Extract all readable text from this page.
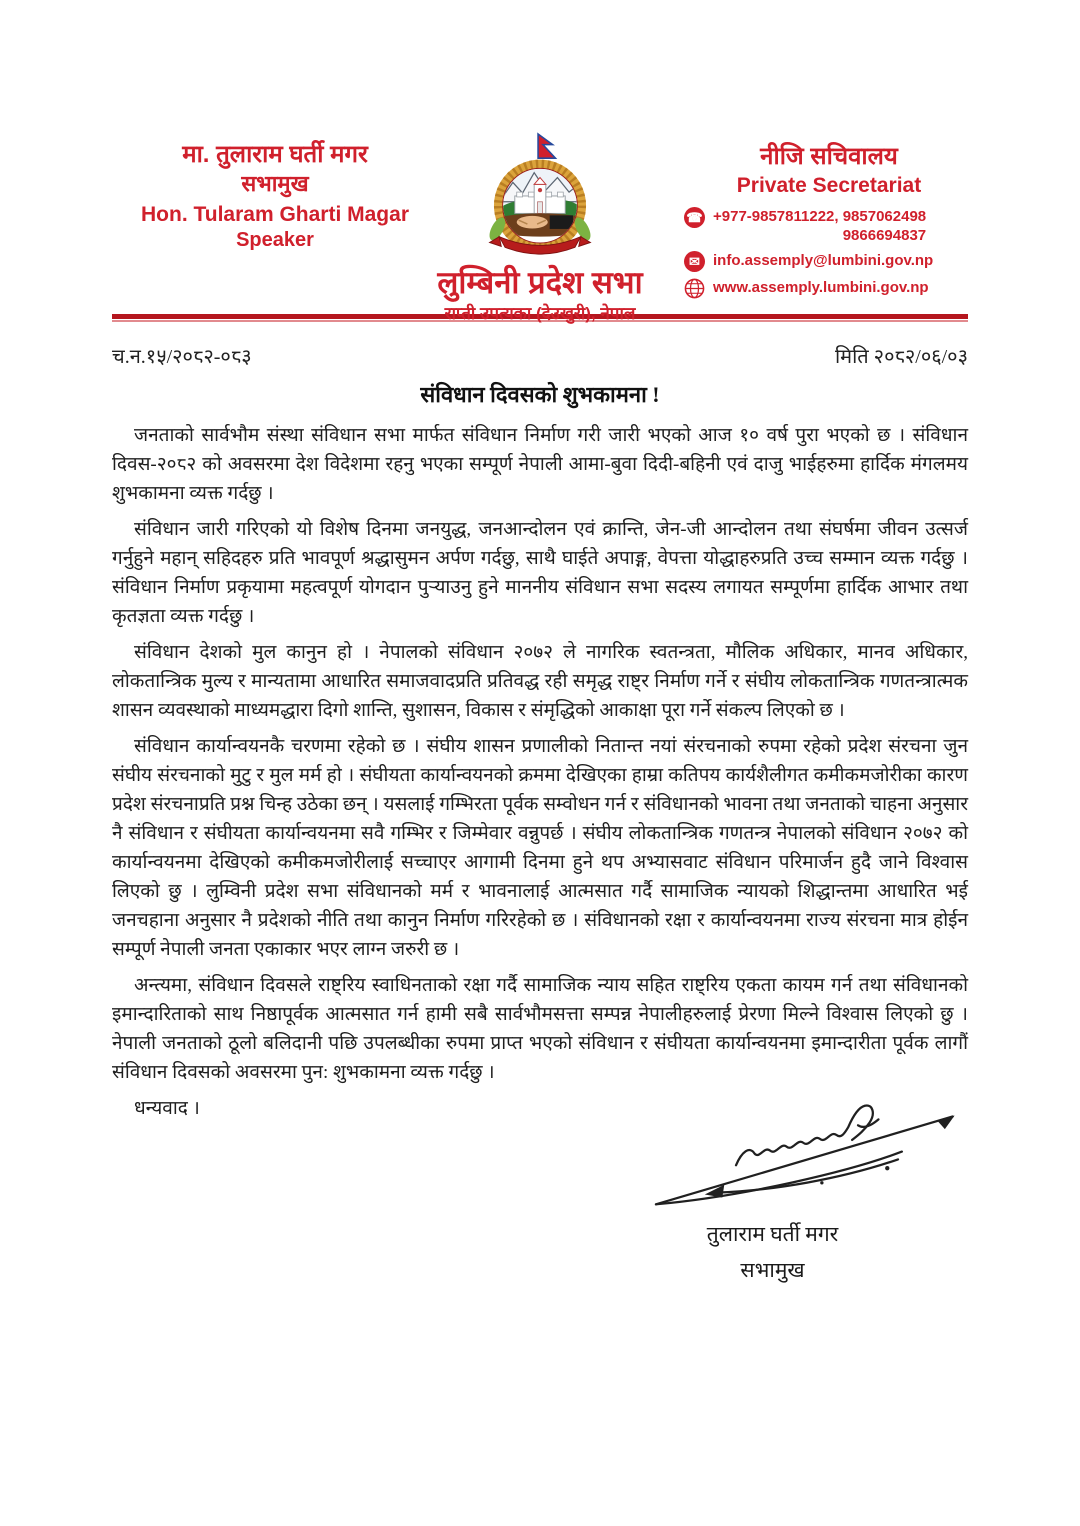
मा. तुलाराम घर्ती मगर
सभामुख
Hon. Tularam Gharti Magar
Speaker
लुम्बिनी प्रदेश सभा
राप्ती उपत्यका (देउखुरी), नेपाल
नीजि सचिवालय
Private Secretariat
☎ +977-9857811222, 9857062498
9866694837
✉ info.assemply@lumbini.gov.np
www.assemply.lumbini.gov.np
च.न.१५/२०८२-०८३	मिति २०८२/०६/०३
संविधान दिवसको शुभकामना !

जनताको सार्वभौम संस्था संविधान सभा मार्फत संविधान निर्माण गरी जारी भएको आज १० वर्ष पुरा भएको छ । संविधान दिवस-२०८२ को अवसरमा देश विदेशमा रहनु भएका सम्पूर्ण नेपाली आमा-बुवा दिदी-बहिनी एवं दाजु भाईहरुमा हार्दिक मंगलमय शुभकामना व्यक्त गर्दछु ।

संविधान जारी गरिएको यो विशेष दिनमा जनयुद्ध, जनआन्दोलन एवं क्रान्ति, जेन-जी आन्दोलन तथा संघर्षमा जीवन उत्सर्ज गर्नुहुने महान् सहिदहरु प्रति भावपूर्ण श्रद्धासुमन अर्पण गर्दछु, साथै घाईते अपाङ्ग, वेपत्ता योद्धाहरुप्रति उच्च सम्मान व्यक्त गर्दछु । संविधान निर्माण प्रकृयामा महत्वपूर्ण योगदान पुऱ्याउनु हुने माननीय संविधान सभा सदस्य लगायत सम्पूर्णमा हार्दिक आभार तथा कृतज्ञता व्यक्त गर्दछु ।

संविधान देशको मुल कानुन हो । नेपालको संविधान २०७२ ले नागरिक स्वतन्त्रता, मौलिक अधिकार, मानव अधिकार, लोकतान्त्रिक मुल्य र मान्यतामा आधारित समाजवादप्रति प्रतिवद्ध रही समृद्ध राष्ट्र निर्माण गर्ने र संघीय लोकतान्त्रिक गणतन्त्रात्मक शासन व्यवस्थाको माध्यमद्धारा दिगो शान्ति, सुशासन, विकास र संमृद्धिको आकाक्षा पूरा गर्ने संकल्प लिएको छ ।

संविधान कार्यान्वयनकै चरणमा रहेको छ । संघीय शासन प्रणालीको नितान्त नयां संरचनाको रुपमा रहेको प्रदेश संरचना जुन संघीय संरचनाको मुटु र मुल मर्म हो । संघीयता कार्यान्वयनको क्रममा देखिएका हाम्रा कतिपय कार्यशैलीगत कमीकमजोरीका कारण प्रदेश संरचनाप्रति प्रश्न चिन्ह उठेका छन् । यसलाई गम्भिरता पूर्वक सम्वोधन गर्न र संविधानको भावना तथा जनताको चाहना अनुसार नै संविधान र संघीयता कार्यान्वयनमा सवै गम्भिर र जिम्मेवार वन्नुपर्छ । संघीय लोकतान्त्रिक गणतन्त्र नेपालको संविधान २०७२ को कार्यान्वयनमा देखिएको कमीकमजोरीलाई सच्चाएर आगामी दिनमा हुने थप अभ्यासवाट संविधान परिमार्जन हुदै जाने विश्वास लिएको छु । लुम्विनी प्रदेश सभा संविधानको मर्म र भावनालाई आत्मसात गर्दै सामाजिक न्यायको शिद्धान्तमा आधारित भई जनचहाना अनुसार नै प्रदेशको नीति तथा कानुन निर्माण गरिरहेको छ । संविधानको रक्षा र कार्यान्वयनमा राज्य संरचना मात्र होईन सम्पूर्ण नेपाली जनता एकाकार भएर लाग्न जरुरी छ ।

अन्त्यमा, संविधान दिवसले राष्ट्रिय स्वाधिनताको रक्षा गर्दै सामाजिक न्याय सहित राष्ट्रिय एकता कायम गर्न तथा संविधानको इमान्दारिताको साथ निष्ठापूर्वक आत्मसात गर्न हामी सबै सार्वभौमसत्ता सम्पन्न नेपालीहरुलाई प्रेरणा मिल्ने विश्वास लिएको छु । नेपाली जनताको ठूलो बलिदानी पछि उपलब्धीका रुपमा प्राप्त भएको संविधान र संघीयता कार्यान्वयनमा इमान्दारीता पूर्वक लागौं संविधान दिवसको अवसरमा पुन: शुभकामना व्यक्त गर्दछु ।

धन्यवाद ।

तुलाराम घर्ती मगर
सभामुख
